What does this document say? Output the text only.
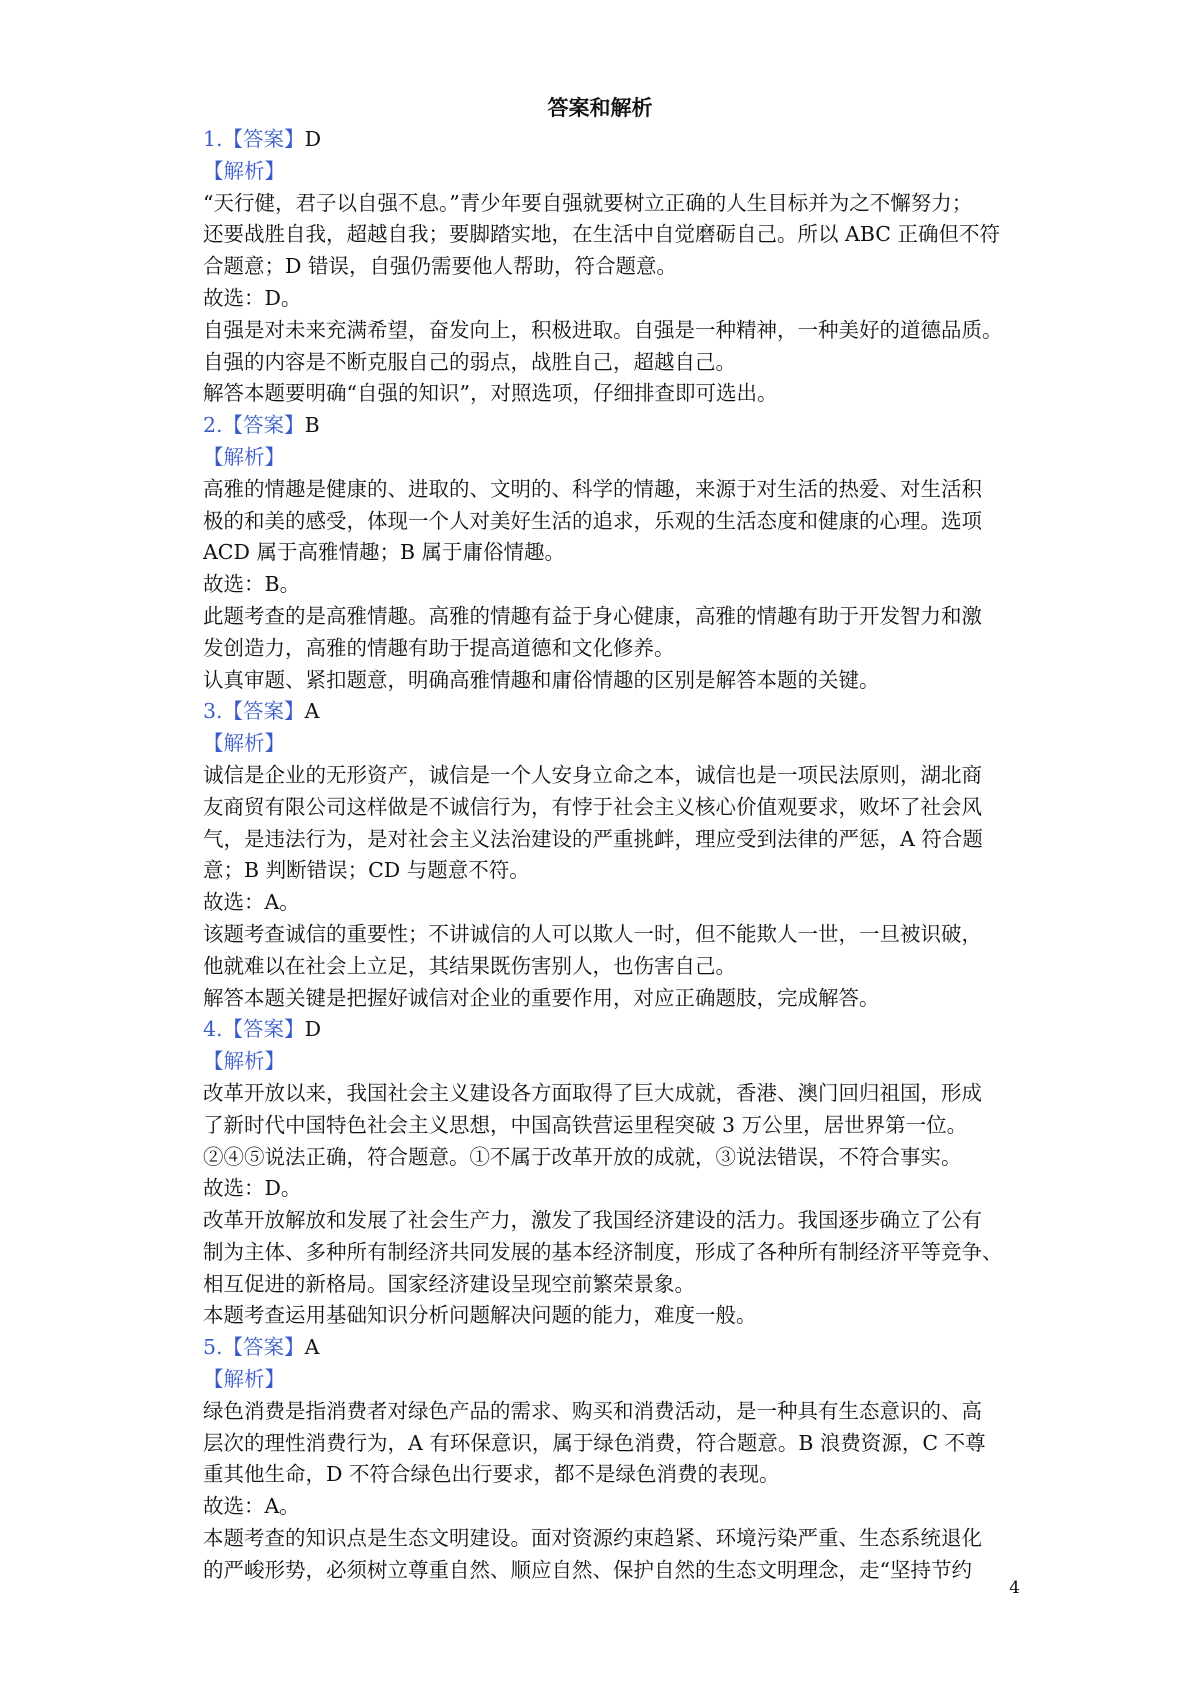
答案和解析
1.【答案】D
【解析】
“天行健，君子以自强不息。”青少年要自强就要树立正确的人生目标并为之不懈努力；
还要战胜自我，超越自我；要脚踏实地，在生活中自觉磨砺自己。所以 ABC 正确但不符
合题意；D 错误，自强仍需要他人帮助，符合题意。
故选：D。
自强是对未来充满希望，奋发向上，积极进取。自强是一种精神，一种美好的道德品质。
自强的内容是不断克服自己的弱点，战胜自己，超越自己。
解答本题要明确“自强的知识”，对照选项，仔细排查即可选出。
2.【答案】B
【解析】
高雅的情趣是健康的、进取的、文明的、科学的情趣，来源于对生活的热爱、对生活积
极的和美的感受，体现一个人对美好生活的追求，乐观的生活态度和健康的心理。选项
ACD 属于高雅情趣；B 属于庸俗情趣。
故选：B。
此题考查的是高雅情趣。高雅的情趣有益于身心健康，高雅的情趣有助于开发智力和激
发创造力，高雅的情趣有助于提高道德和文化修养。
认真审题、紧扣题意，明确高雅情趣和庸俗情趣的区别是解答本题的关键。
3.【答案】A
【解析】
诚信是企业的无形资产，诚信是一个人安身立命之本，诚信也是一项民法原则，湖北商
友商贸有限公司这样做是不诚信行为，有悖于社会主义核心价值观要求，败坏了社会风
气，是违法行为，是对社会主义法治建设的严重挑衅，理应受到法律的严惩，A 符合题
意；B 判断错误；CD 与题意不符。
故选：A。
该题考查诚信的重要性；不讲诚信的人可以欺人一时，但不能欺人一世，一旦被识破，
他就难以在社会上立足，其结果既伤害别人，也伤害自己。
解答本题关键是把握好诚信对企业的重要作用，对应正确题肢，完成解答。
4.【答案】D
【解析】
改革开放以来，我国社会主义建设各方面取得了巨大成就，香港、澳门回归祖国，形成
了新时代中国特色社会主义思想，中国高铁营运里程突破 3 万公里，居世界第一位。
②④⑤说法正确，符合题意。①不属于改革开放的成就，③说法错误，不符合事实。
故选：D。
改革开放解放和发展了社会生产力，激发了我国经济建设的活力。我国逐步确立了公有
制为主体、多种所有制经济共同发展的基本经济制度，形成了各种所有制经济平等竞争、
相互促进的新格局。国家经济建设呈现空前繁荣景象。
本题考查运用基础知识分析问题解决问题的能力，难度一般。
5.【答案】A
【解析】
绿色消费是指消费者对绿色产品的需求、购买和消费活动，是一种具有生态意识的、高
层次的理性消费行为，A 有环保意识，属于绿色消费，符合题意。B 浪费资源，C 不尊
重其他生命，D 不符合绿色出行要求，都不是绿色消费的表现。
故选：A。
本题考查的知识点是生态文明建设。面对资源约束趋紧、环境污染严重、生态系统退化
的严峻形势，必须树立尊重自然、顺应自然、保护自然的生态文明理念，走“坚持节约
4
